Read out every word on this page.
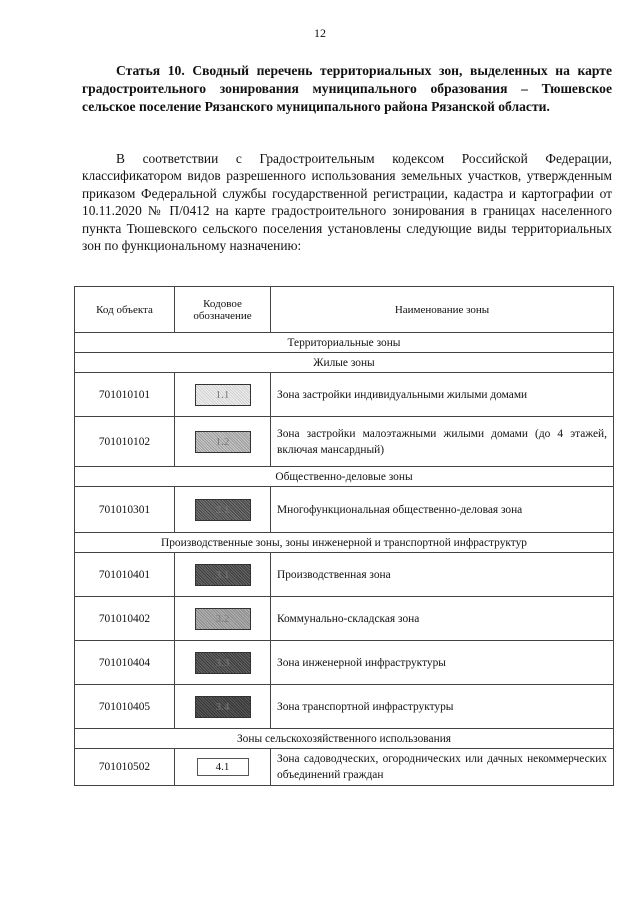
12
Статья 10. Сводный перечень территориальных зон, выделенных на карте градостроительного зонирования муниципального образования – Тюшевское сельское поселение Рязанского муниципального района Рязанской области.
В соответствии с Градостроительным кодексом Российской Федерации, классификатором видов разрешенного использования земельных участков, утвержденным приказом Федеральной службы государственной регистрации, кадастра и картографии от 10.11.2020 № П/0412 на карте градостроительного зонирования в границах населенного пункта Тюшевского сельского поселения установлены следующие виды территориальных зон по функциональному назначению:
Код объекта	Кодовое обозначение	Наименование зоны
Территориальные зоны		
Жилые зоны		
701010101	1.1	Зона застройки индивидуальными жилыми домами
701010102	1.2	Зона застройки малоэтажными жилыми домами (до 4 этажей, включая мансардный)
Общественно-деловые зоны		
701010301	2.1	Многофункциональная общественно-деловая зона
Производственные зоны, зоны инженерной и транспортной инфраструктур		
701010401	3.1	Производственная зона
701010402	3.2	Коммунально-складская зона
701010404	3.3	Зона инженерной инфраструктуры
701010405	3.4	Зона транспортной инфраструктуры
Зоны сельскохозяйственного использования		
701010502	4.1	Зона садоводческих, огороднических или дачных некоммерческих объединений граждан
